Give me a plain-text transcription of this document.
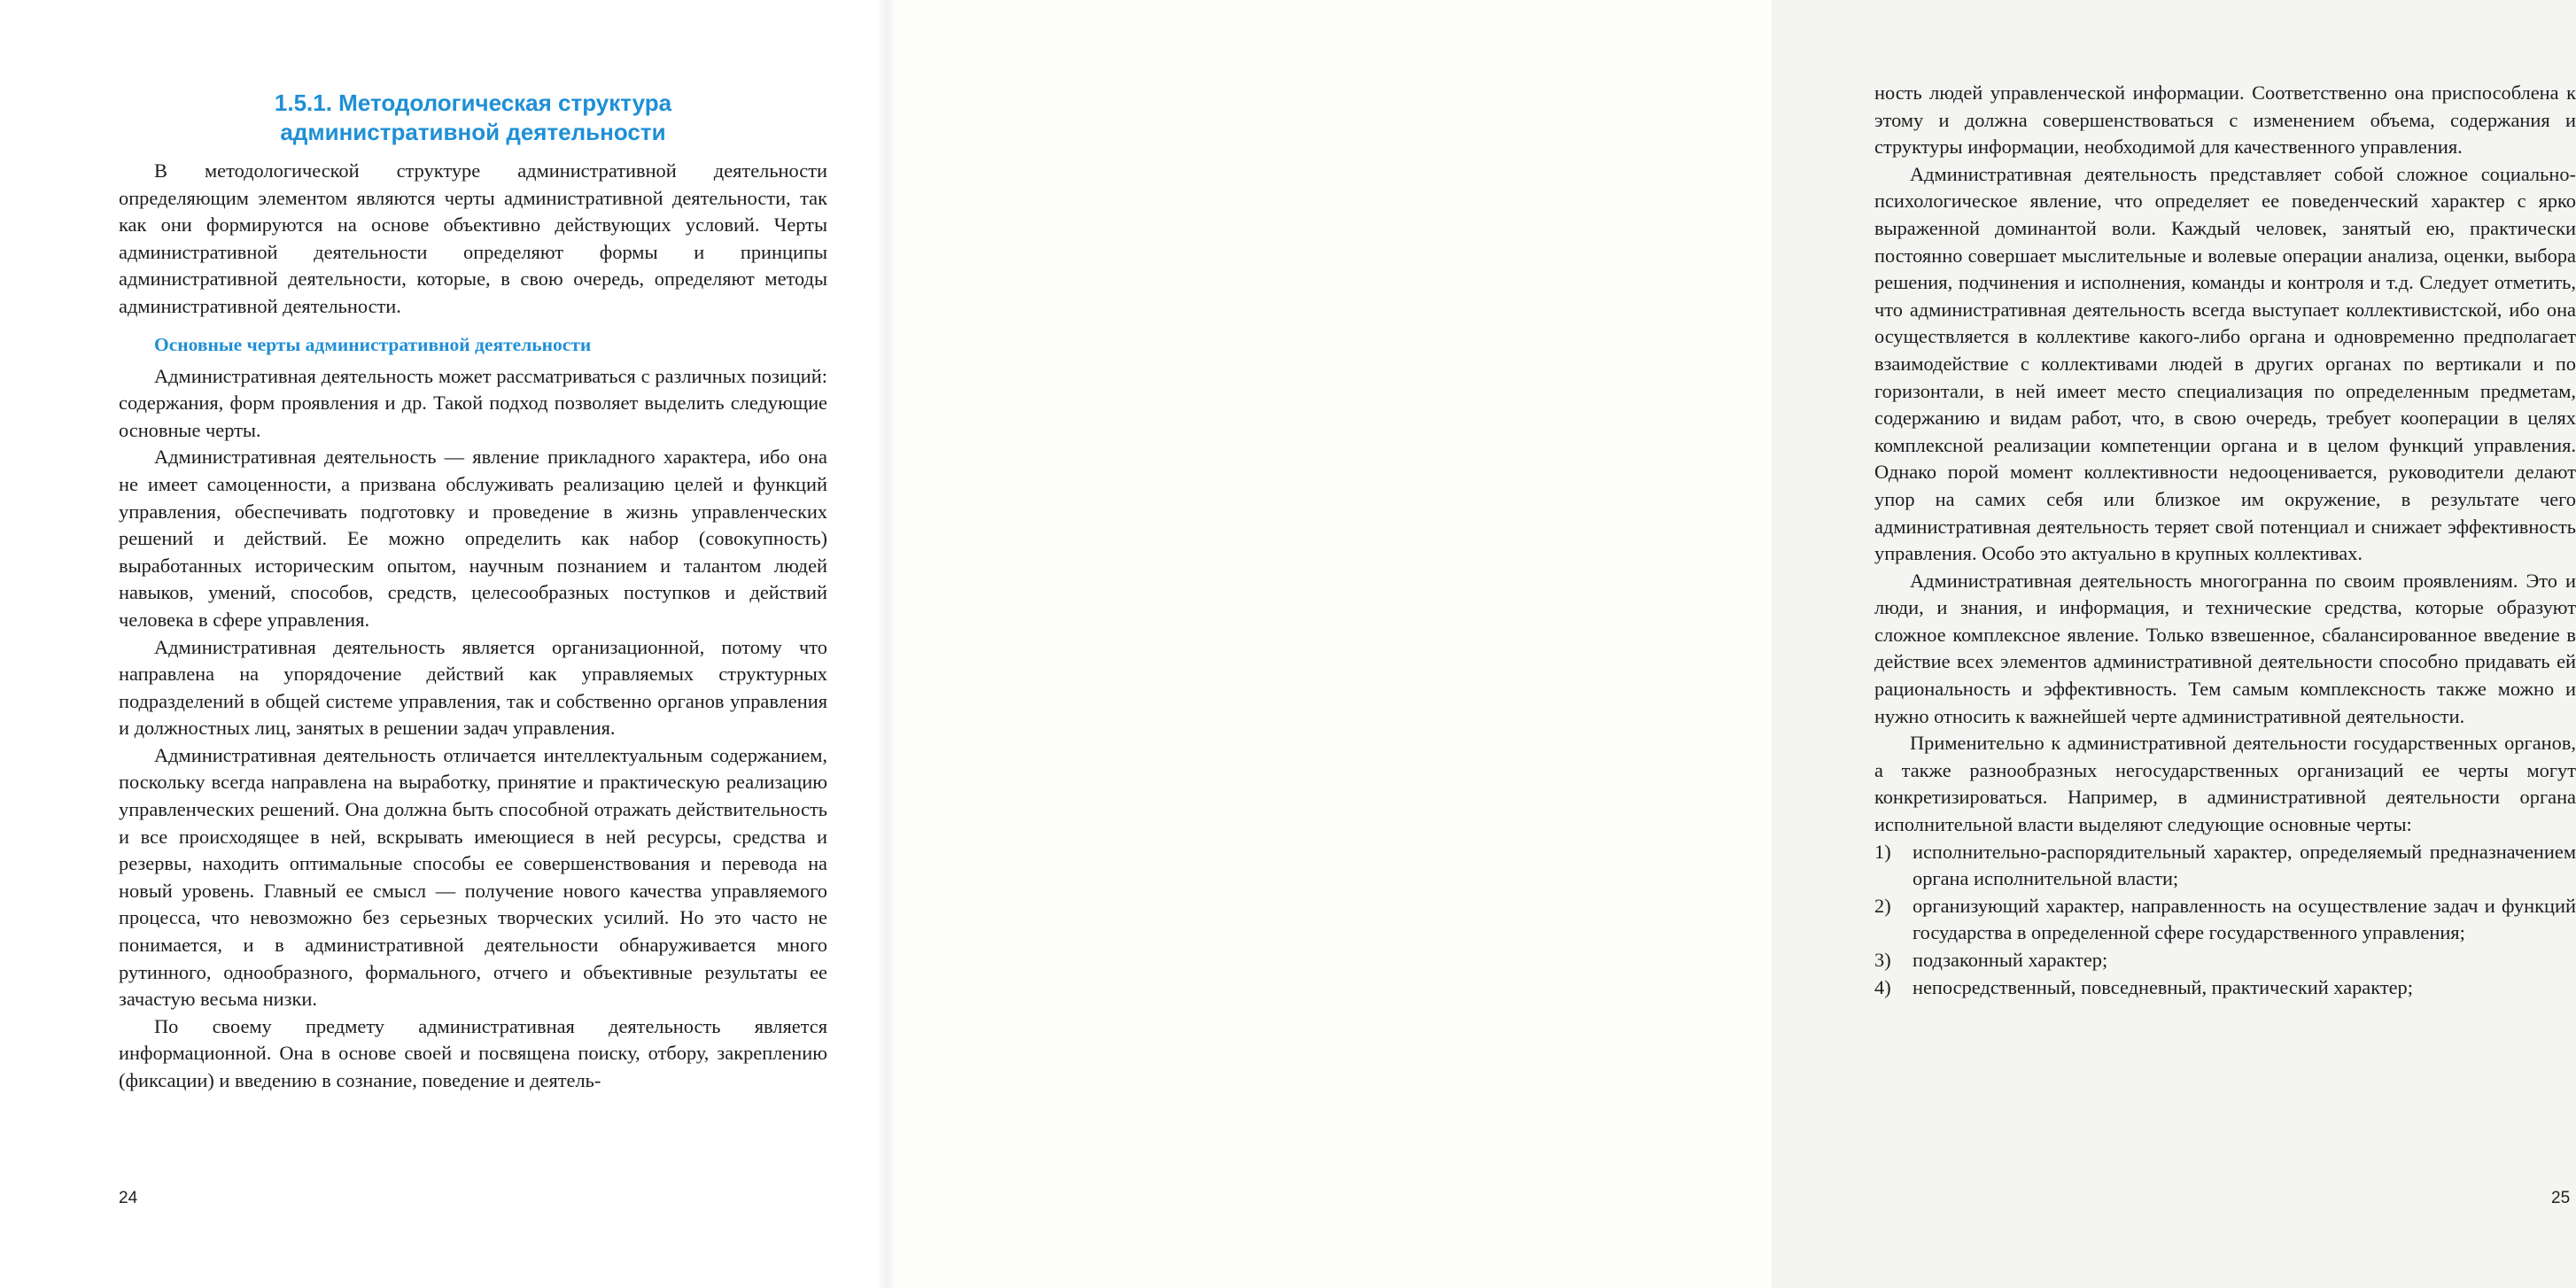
1.5.1. Методологическая структура
административной деятельности

В методологической структуре административной деятельности определяющим элементом являются черты административной деятельности, так как они формируются на основе объективно действующих условий. Черты административной деятельности определяют формы и принципы административной деятельности, которые, в свою очередь, определяют методы административной деятельности.

Основные черты административной деятельности

Административная деятельность может рассматриваться с различных позиций: содержания, форм проявления и др. Такой подход позволяет выделить следующие основные черты.

Административная деятельность — явление прикладного характера, ибо она не имеет самоценности, а призвана обслуживать реализацию целей и функций управления, обеспечивать подготовку и проведение в жизнь управленческих решений и действий. Ее можно определить как набор (совокупность) выработанных историческим опытом, научным познанием и талантом людей навыков, умений, способов, средств, целесообразных поступков и действий человека в сфере управления.

Административная деятельность является организационной, потому что направлена на упорядочение действий как управляемых структурных подразделений в общей системе управления, так и собственно органов управления и должностных лиц, занятых в решении задач управления.

Административная деятельность отличается интеллектуальным содержанием, поскольку всегда направлена на выработку, принятие и практическую реализацию управленческих решений. Она должна быть способной отражать действительность и все происходящее в ней, вскрывать имеющиеся в ней ресурсы, средства и резервы, находить оптимальные способы ее совершенствования и перевода на новый уровень. Главный ее смысл — получение нового качества управляемого процесса, что невозможно без серьезных творческих усилий. Но это часто не понимается, и в административной деятельности обнаруживается много рутинного, однообразного, формального, отчего и объективные результаты ее зачастую весьма низки.

По своему предмету административная деятельность является информационной. Она в основе своей и посвящена поиску, отбору, закреплению (фиксации) и введению в сознание, поведение и деятель-

24

ность людей управленческой информации. Соответственно она приспособлена к этому и должна совершенствоваться с изменением объема, содержания и структуры информации, необходимой для качественного управления.

Административная деятельность представляет собой сложное социально-психологическое явление, что определяет ее поведенческий характер с ярко выраженной доминантой воли. Каждый человек, занятый ею, практически постоянно совершает мыслительные и волевые операции анализа, оценки, выбора решения, подчинения и исполнения, команды и контроля и т.д. Следует отметить, что административная деятельность всегда выступает коллективистской, ибо она осуществляется в коллективе какого-либо органа и одновременно предполагает взаимодействие с коллективами людей в других органах по вертикали и по горизонтали, в ней имеет место специализация по определенным предметам, содержанию и видам работ, что, в свою очередь, требует кооперации в целях комплексной реализации компетенции органа и в целом функций управления. Однако порой момент коллективности недооценивается, руководители делают упор на самих себя или близкое им окружение, в результате чего административная деятельность теряет свой потенциал и снижает эффективность управления. Особо это актуально в крупных коллективах.

Административная деятельность многогранна по своим проявлениям. Это и люди, и знания, и информация, и технические средства, которые образуют сложное комплексное явление. Только взвешенное, сбалансированное введение в действие всех элементов административной деятельности способно придавать ей рациональность и эффективность. Тем самым комплексность также можно и нужно относить к важнейшей черте административной деятельности.

Применительно к административной деятельности государственных органов, а также разнообразных негосударственных организаций ее черты могут конкретизироваться. Например, в административной деятельности органа исполнительной власти выделяют следующие основные черты:

1) исполнительно-распорядительный характер, определяемый предназначением органа исполнительной власти;
2) организующий характер, направленность на осуществление задач и функций государства в определенной сфере государственного управления;
3) подзаконный характер;
4) непосредственный, повседневный, практический характер;
25
